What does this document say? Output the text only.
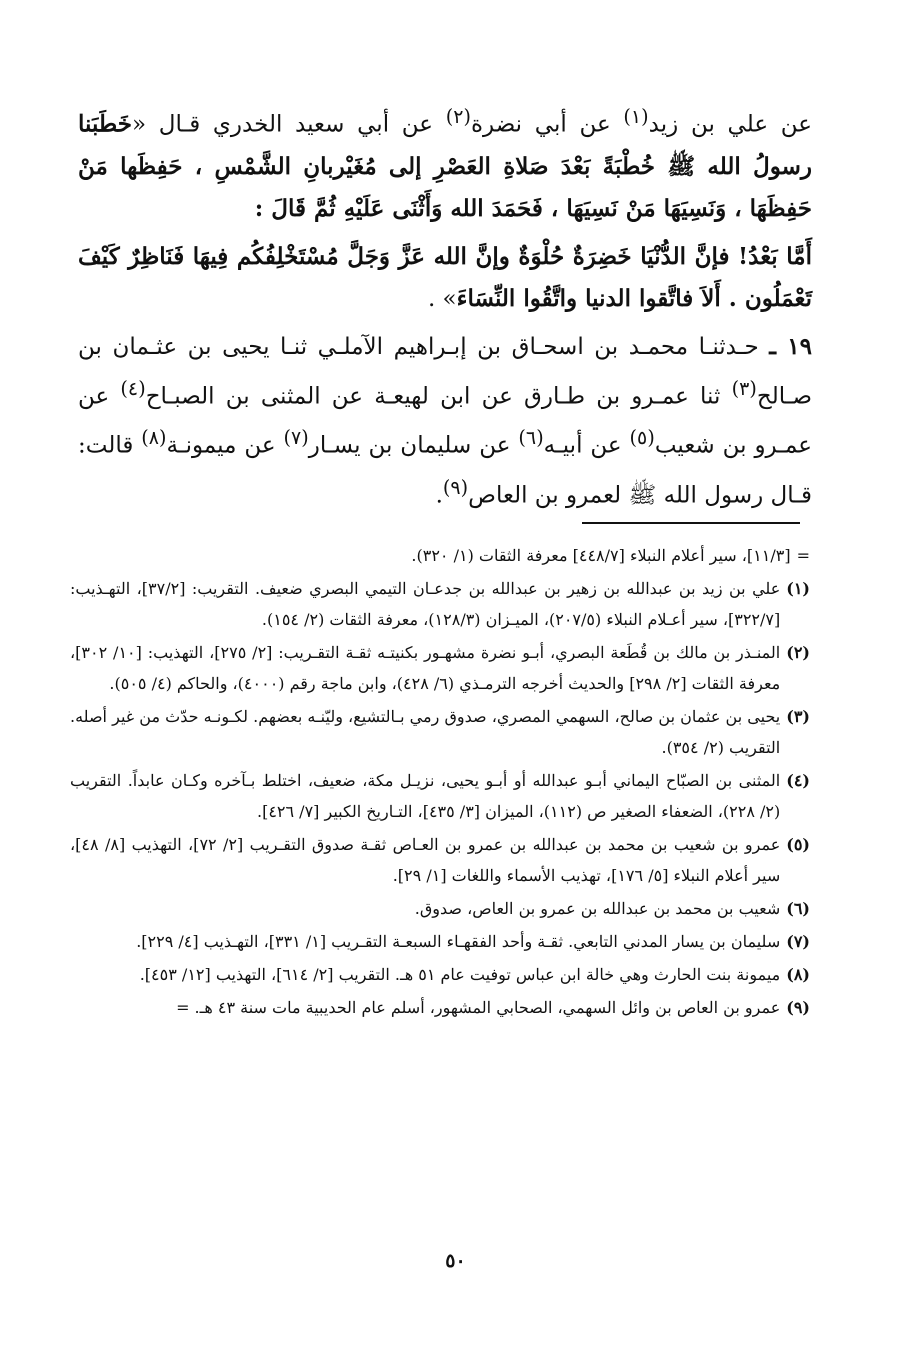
عن علي بن زيد$^{(١)}$ عن أبي نضرة$^{(٢)}$ عن أبي سعيد الخدري قـال «خَطَبَنا رسولُ الله ﷺ خُطْبَةً بَعْدَ صَلاةِ العَصْرِ إلى مُغَيْربانِ الشَّمْسِ ، حَفِظَها مَنْ حَفِظَهَا ، وَنَسِيَهَا مَنْ نَسِيَهَا ، فَحَمَدَ الله وَأَثْنَى عَلَيْهِ ثُمَّ قَالَ :

أَمَّا بَعْدُ! فإنَّ الدُّنْيَا خَضِرَةٌ حُلْوَةٌ وإنَّ الله عَزَّ وَجَلَّ مُسْتَخْلِفُكُم فِيهَا فَنَاظِرٌ كَيْفَ تَعْمَلُون . أَلاَ فاتَّقوا الدنيا واتَّقُوا النِّسَاءَ» .

١٩ ـ حـدثنـا محمـد بن اسحـاق بن إبـراهيم الآملـي ثنـا يحيى بن عثـمان بن صـالح$^{(٣)}$ ثنا عمـرو بن طـارق عن ابن لهيعـة عن المثنى بن الصبـاح$^{(٤)}$ عن عمـرو بن شعيب$^{(٥)}$ عن أبيـه$^{(٦)}$ عن سليمان بن يسـار$^{(٧)}$ عن ميمونـة$^{(٨)}$ قالت: قـال رسول الله ﷺ لعمرو بن العاص$^{(٩)}$.

=
[١١/٣]، سير أعلام النبلاء [٤٤٨/٧] معرفة الثقات (١/ ٣٢٠).
(١)
علي بن زيد بن عبدالله بن زهير بن عبدالله بن جدعـان التيمي البصري ضعيف. التقريب: [٣٧/٢]، التهـذيب: [٣٢٢/٧]، سير أعـلام النبلاء (٢٠٧/٥)، الميـزان (١٢٨/٣)، معرفة الثقات (٢/ ١٥٤).
(٢)
المنـذر بن مالك بن قُطَعة البصري، أبـو نضرة مشهـور بكنيتـه ثقـة التقـريب: [٢/ ٢٧٥]، التهذيب: [١٠/ ٣٠٢]، معرفة الثقات [٢/ ٢٩٨] والحديث أخرجه الترمـذي (٦/ ٤٢٨)، وابن ماجة رقم (٤٠٠٠)، والحاكم (٤/ ٥٠٥).
(٣)
يحيى بن عثمان بن صالح، السهمي المصري، صدوق رمي بـالتشيع، وليّنـه بعضهم. لكـونـه حدّث من غير أصله. التقريب (٢/ ٣٥٤).
(٤)
المثنى بن الصبّاح اليماني أبـو عبدالله أو أبـو يحيى، نزيـل مكة، ضعيف، اختلط بـآخره وكـان عابداً. التقريب (٢/ ٢٢٨)، الضعفاء الصغير ص (١١٢)، الميزان [٣/ ٤٣٥]، التـاريخ الكبير [٧/ ٤٢٦].
(٥)
عمرو بن شعيب بن محمد بن عبدالله بن عمرو بن العـاص ثقـة صدوق التقـريب [٢/ ٧٢]، التهذيب [٨/ ٤٨]، سير أعلام النبلاء [٥/ ١٧٦]، تهذيب الأسماء واللغات [١/ ٢٩].
(٦)
شعيب بن محمد بن عبدالله بن عمرو بن العاص، صدوق.
(٧)
سليمان بن يسار المدني التابعي. ثقـة وأحد الفقهـاء السبعـة التقـريب [١/ ٣٣١]، التهـذيب [٤/ ٢٢٩].
(٨)
ميمونة بنت الحارث وهي خالة ابن عباس توفيت عام ٥١ هـ. التقريب [٢/ ٦١٤]، التهذيب [١٢/ ٤٥٣].
(٩)
عمرو بن العاص بن وائل السهمي، الصحابي المشهور، أسلم عام الحديبية مات سنة ٤٣ هـ. =
٥٠
